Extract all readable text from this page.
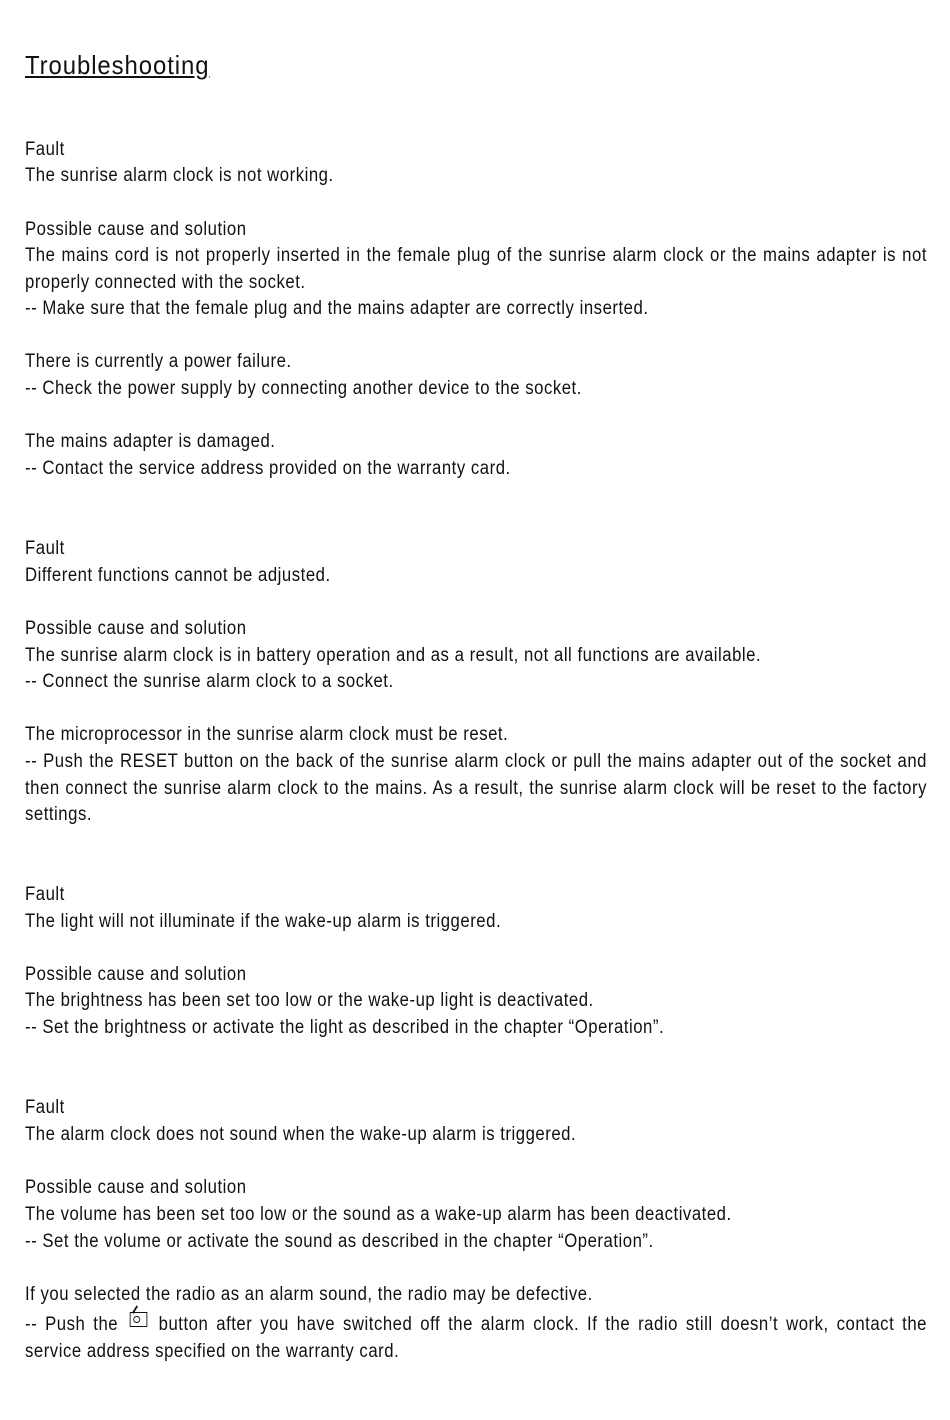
Troubleshooting
Fault
The sunrise alarm clock is not working.
Possible cause and solution
The mains cord is not properly inserted in the female plug of the sunrise alarm clock or the mains adapter is not properly connected with the socket.
-- Make sure that the female plug and the mains adapter are correctly inserted.
There is currently a power failure.
-- Check the power supply by connecting another device to the socket.
The mains adapter is damaged.
-- Contact the service address provided on the warranty card.
Fault
Different functions cannot be adjusted.
Possible cause and solution
The sunrise alarm clock is in battery operation and as a result, not all functions are available.
-- Connect the sunrise alarm clock to a socket.
The microprocessor in the sunrise alarm clock must be reset.
-- Push the RESET button on the back of the sunrise alarm clock or pull the mains adapter out of the socket and then connect the sunrise alarm clock to the mains. As a result, the sunrise alarm clock will be reset to the factory settings.
Fault
The light will not illuminate if the wake-up alarm is triggered.
Possible cause and solution
The brightness has been set too low or the wake-up light is deactivated.
-- Set the brightness or activate the light as described in the chapter “Operation”.
Fault
The alarm clock does not sound when the wake-up alarm is triggered.
Possible cause and solution
The volume has been set too low or the sound as a wake-up alarm has been deactivated.
-- Set the volume or activate the sound as described in the chapter “Operation”.
If you selected the radio as an alarm sound, the radio may be defective.
-- Push the button after you have switched off the alarm clock. If the radio still doesn’t work, contact the service address specified on the warranty card.
